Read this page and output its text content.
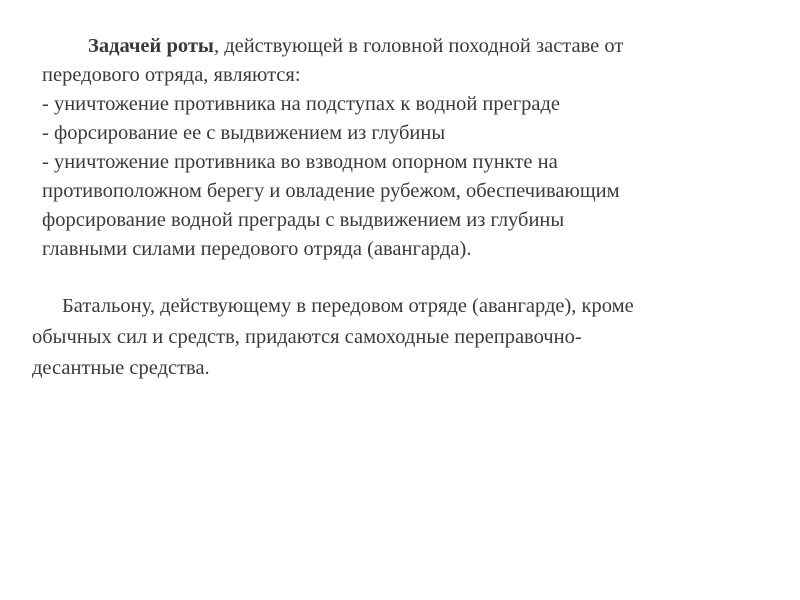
Задачей роты, действующей в головной походной заставе от
передового отряда, являются:
- уничтожение противника на подступах к водной преграде
- форсирование ее с выдвижением из глубины
- уничтожение противника во взводном опорном пункте на
противоположном берегу и овладение рубежом, обеспечивающим
форсирование водной преграды с выдвижением из глубины
главными силами передового отряда (авангарда).
Батальону, действующему в передовом отряде (авангарде), кроме
обычных сил и средств, придаются самоходные переправочно-
десантные средства.
